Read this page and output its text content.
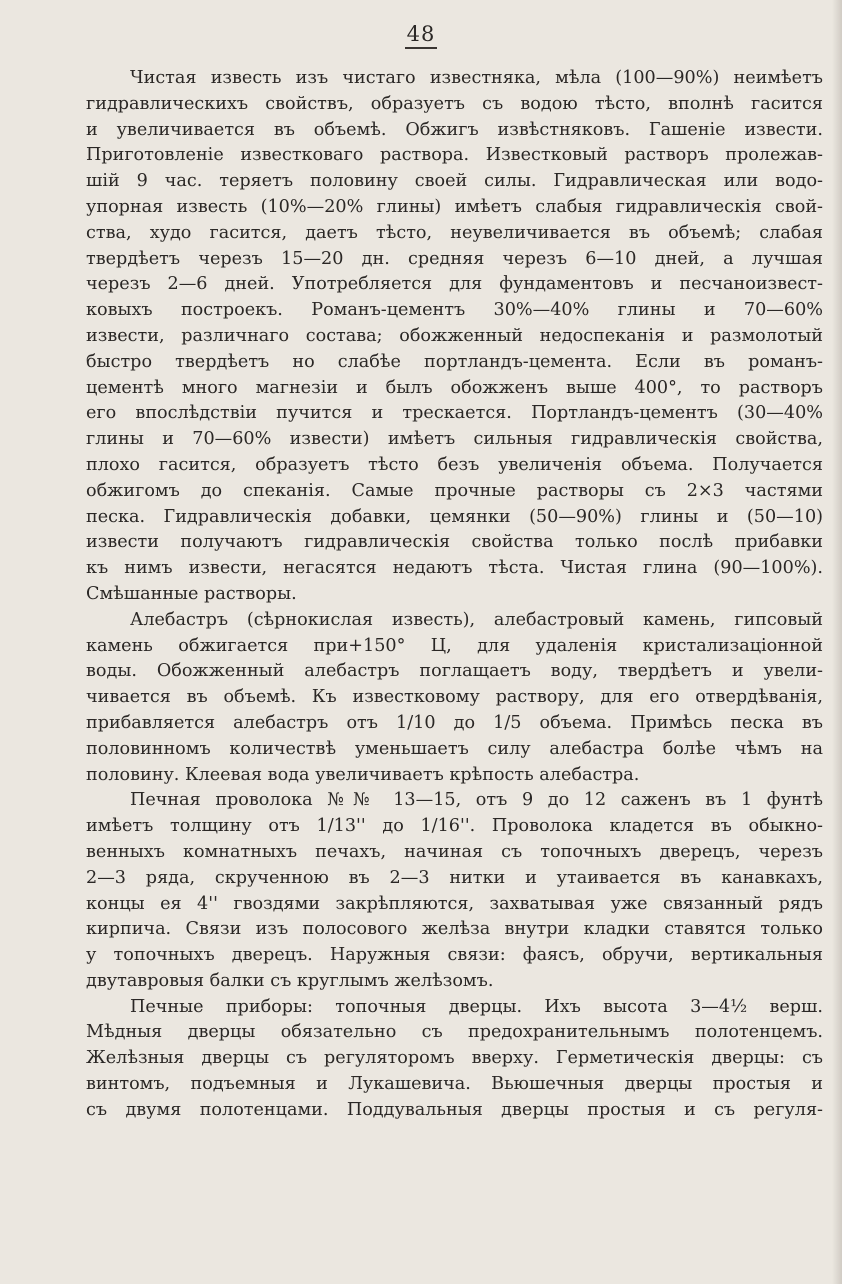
48
Чистая известь изъ чистаго известняка, мѣла (100—90%) неимѣетъ
гидравлическихъ свойствъ, образуетъ съ водою тѣсто, вполнѣ гасится
и увеличивается въ объемѣ. Обжигъ извѣстняковъ. Гашеніе извести.
Приготовленіе известковаго раствора. Известковый растворъ пролежав-
шій 9 час. теряетъ половину своей силы. Гидравлическая или водо-
упорная известь (10%—20% глины) имѣетъ слабыя гидравлическія свой-
ства, худо гасится, даетъ тѣсто, неувеличивается въ объемѣ; слабая
твердѣетъ черезъ 15—20 дн. средняя черезъ 6—10 дней, а лучшая
черезъ 2—6 дней. Употребляется для фундаментовъ и песчаноизвест-
ковыхъ построекъ. Романъ-цементъ 30%—40% глины и 70—60%
извести, различнаго состава; обожженный недоспеканія и размолотый
быстро твердѣетъ но слабѣе портландъ-цемента. Если въ романъ-
цементѣ много магнезіи и былъ обожженъ выше 400°, то растворъ
его впослѣдствіи пучится и трескается. Портландъ-цементъ (30—40%
глины и 70—60% извести) имѣетъ сильныя гидравлическія свойства,
плохо гасится, образуетъ тѣсто безъ увеличенія объема. Получается
обжигомъ до спеканія. Самые прочные растворы съ 2×3 частями
песка. Гидравлическія добавки, цемянки (50—90%) глины и (50—10)
извести получаютъ гидравлическія свойства только послѣ прибавки
къ нимъ извести, негасятся недаютъ тѣста. Чистая глина (90—100%).
Смѣшанные растворы.
Алебастръ (сѣрнокислая известь), алебастровый камень, гипсовый
камень обжигается при+150° Ц, для удаленія кристализаціонной
воды. Обожженный алебастръ поглащаетъ воду, твердѣетъ и увели-
чивается въ объемѣ. Къ известковому раствору, для его отвердѣванія,
прибавляется алебастръ отъ 1/10 до 1/5 объема. Примѣсь песка въ
половинномъ количествѣ уменьшаетъ силу алебастра болѣе чѣмъ на
половину. Клеевая вода увеличиваетъ крѣпость алебастра.
Печная проволока №№ 13—15, отъ 9 до 12 саженъ въ 1 фунтѣ
имѣетъ толщину отъ 1/13'' до 1/16''. Проволока кладется въ обыкно-
венныхъ комнатныхъ печахъ, начиная съ топочныхъ дверецъ, черезъ
2—3 ряда, скрученною въ 2—3 нитки и утаивается въ канавкахъ,
концы ея 4'' гвоздями закрѣпляются, захватывая уже связанный рядъ
кирпича. Связи изъ полосового желѣза внутри кладки ставятся только
у топочныхъ дверецъ. Наружныя связи: фаясъ, обручи, вертикальныя
двутавровыя балки съ круглымъ желѣзомъ.
Печные приборы: топочныя дверцы. Ихъ высота 3—4½ верш.
Мѣдныя дверцы обязательно съ предохранительнымъ полотенцемъ.
Желѣзныя дверцы съ регуляторомъ вверху. Герметическія дверцы: съ
винтомъ, подъемныя и Лукашевича. Вьюшечныя дверцы простыя и
съ двумя полотенцами. Поддувальныя дверцы простыя и съ регуля-
